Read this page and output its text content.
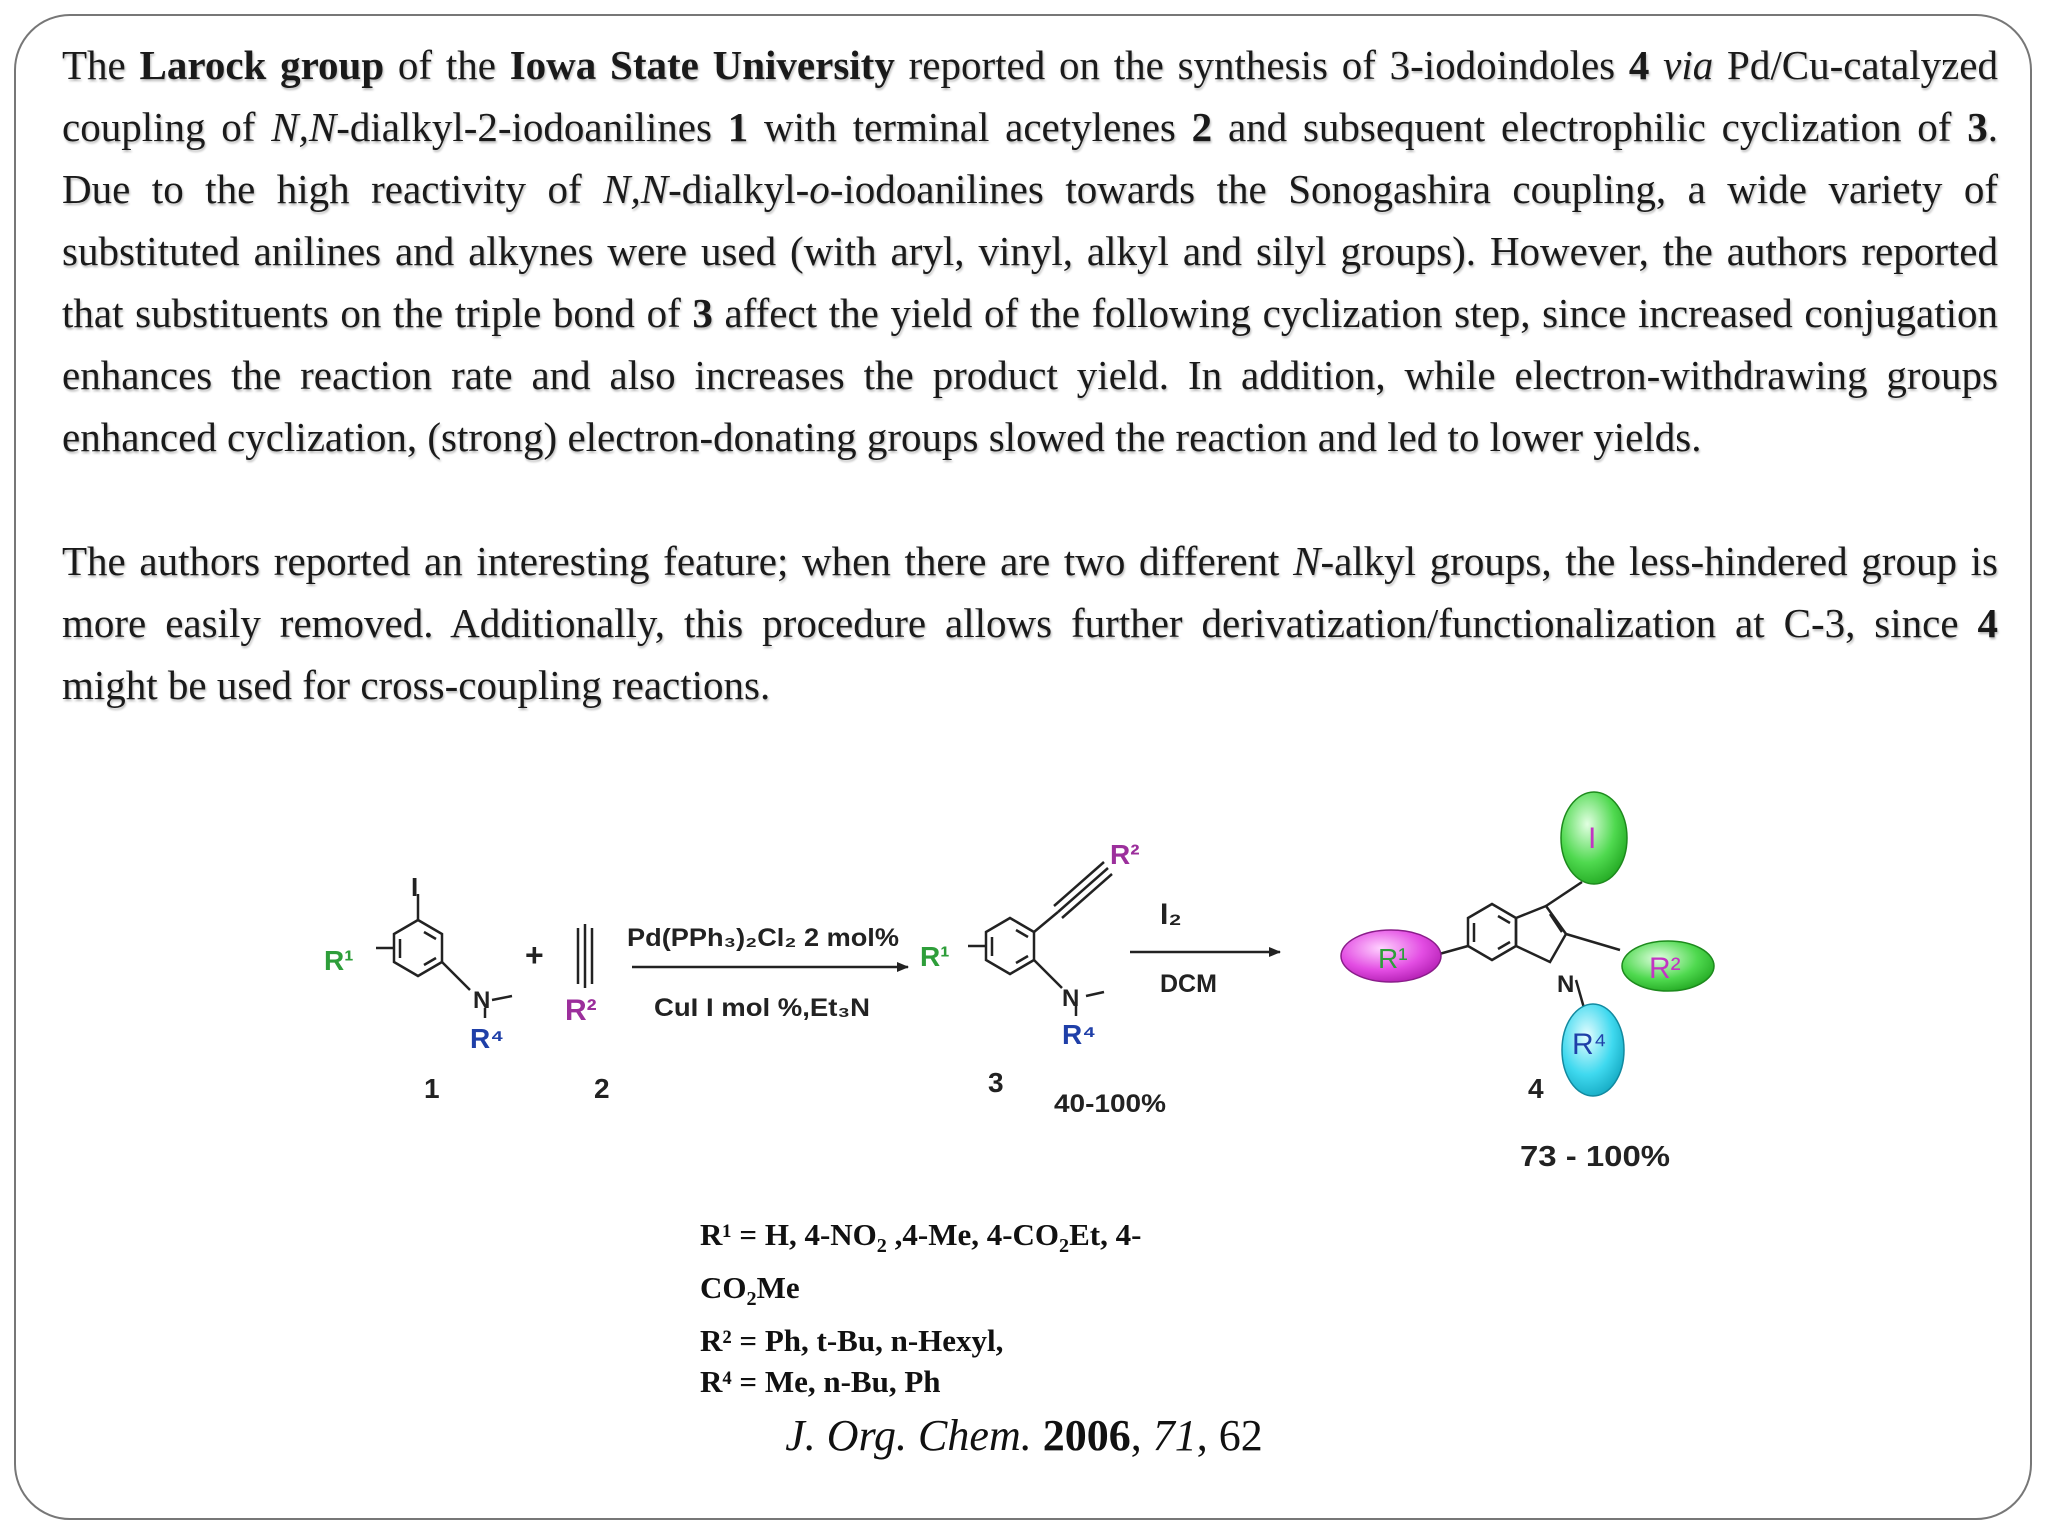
The Larock group of the Iowa State University reported on the synthesis of 3-iodoindoles 4 via Pd/Cu-catalyzed coupling of N,N-dialkyl-2-iodoanilines 1 with terminal acetylenes 2 and subsequent electrophilic cyclization of 3. Due to the high reactivity of N,N-dialkyl-o-iodoanilines towards the Sonogashira coupling, a wide variety of substituted anilines and alkynes were used (with aryl, vinyl, alkyl and silyl groups). However, the authors reported that substituents on the triple bond of 3 affect the yield of the following cyclization step, since increased conjugation enhances the reaction rate and also increases the product yield. In addition, while electron-withdrawing groups enhanced cyclization, (strong) electron-donating groups slowed the reaction and led to lower yields.
The authors reported an interesting feature; when there are two different N-alkyl groups, the less-hindered group is more easily removed. Additionally, this procedure allows further derivatization/functionalization at C-3, since 4 might be used for cross-coupling reactions.
I
N
R¹
R⁴
1
+
R²
2
Pd(PPh₃)₂Cl₂ 2 mol%
CuI I mol %,Et₃N
R²
N
R¹
R⁴
3
40-100%
I₂
DCM	N
R¹
I
R²
R⁴
4
73 - 100%
R¹ = H, $4-NO_2$ ,4-Me, $4-CO_2Et$, 4-
$CO_2Me$
R² = Ph, t-Bu, n-Hexyl,
R⁴ = Me, n-Bu, Ph
J. Org. Chem. 2006, 71, 62
